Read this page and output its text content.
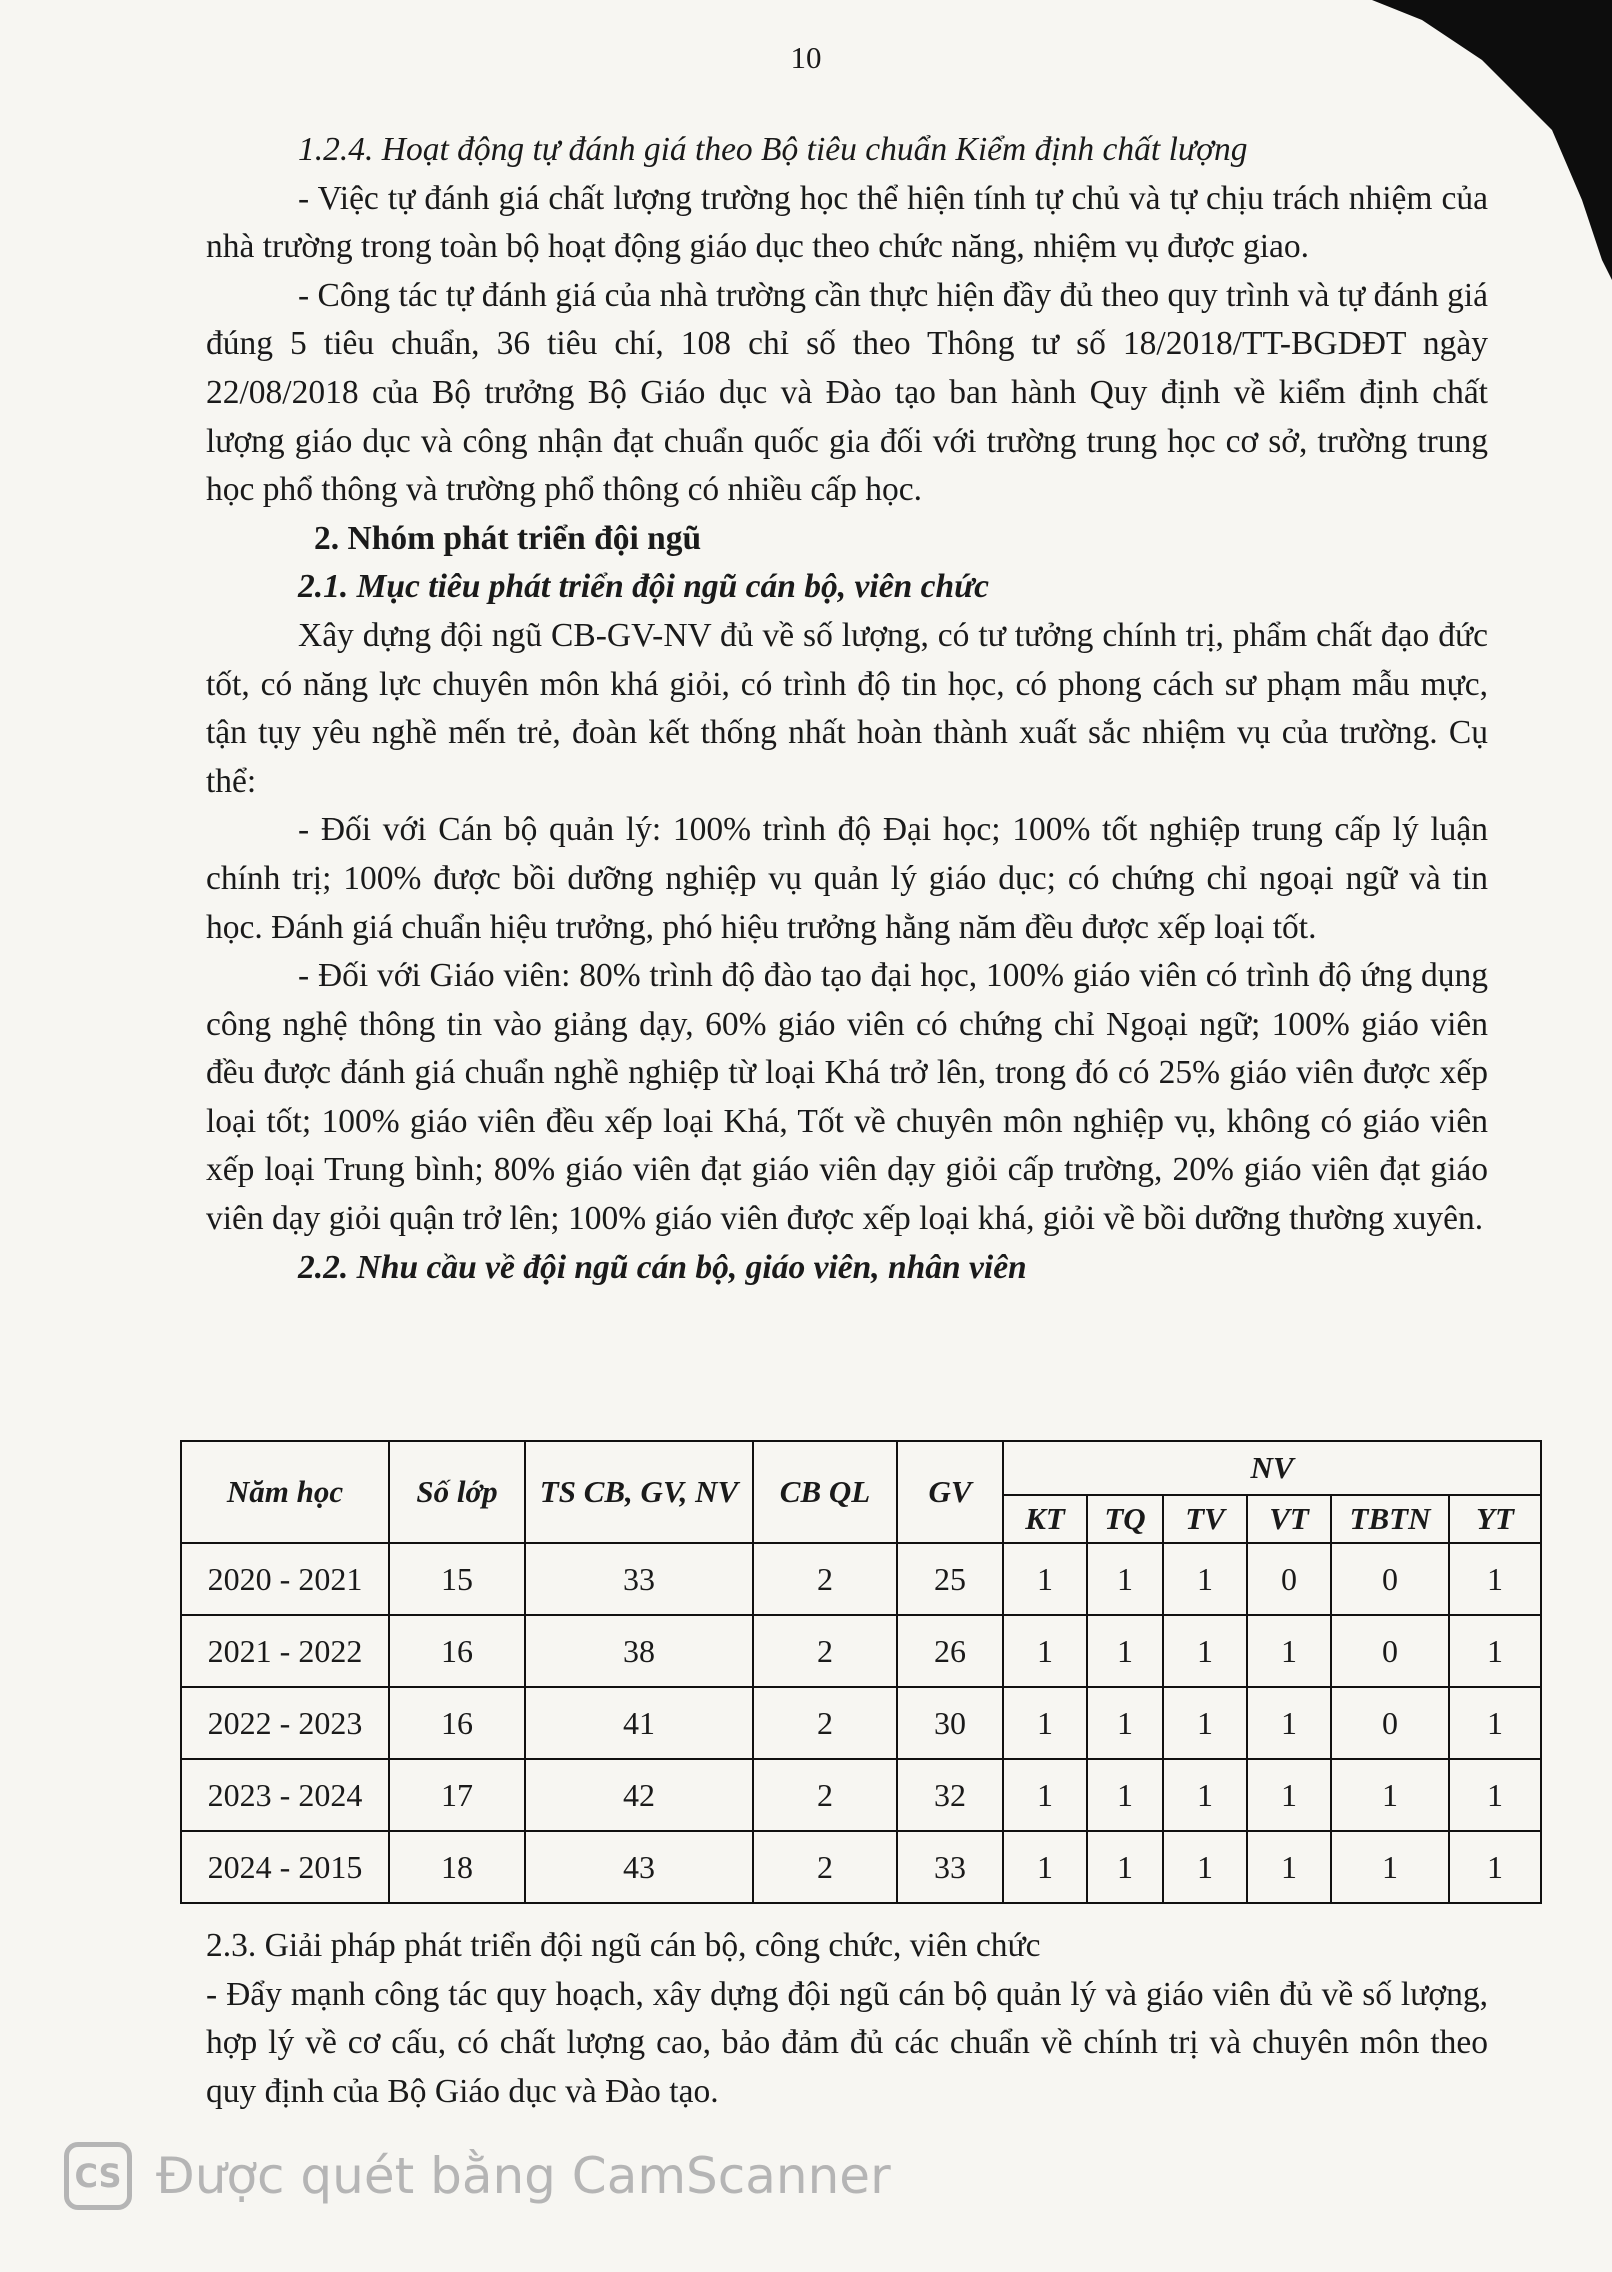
10

1.2.4. Hoạt động tự đánh giá theo Bộ tiêu chuẩn Kiểm định chất lượng

- Việc tự đánh giá chất lượng trường học thể hiện tính tự chủ và tự chịu trách nhiệm của nhà trường trong toàn bộ hoạt động giáo dục theo chức năng, nhiệm vụ được giao.

- Công tác tự đánh giá của nhà trường cần thực hiện đầy đủ theo quy trình và tự đánh giá đúng 5 tiêu chuẩn, 36 tiêu chí, 108 chỉ số theo Thông tư số 18/2018/TT-BGDĐT ngày 22/08/2018 của Bộ trưởng Bộ Giáo dục và Đào tạo ban hành Quy định về kiểm định chất lượng giáo dục và công nhận đạt chuẩn quốc gia đối với trường trung học cơ sở, trường trung học phổ thông và trường phổ thông có nhiều cấp học.

2. Nhóm phát triển đội ngũ

2.1. Mục tiêu phát triển đội ngũ cán bộ, viên chức

Xây dựng đội ngũ CB-GV-NV đủ về số lượng, có tư tưởng chính trị, phẩm chất đạo đức tốt, có năng lực chuyên môn khá giỏi, có trình độ tin học, có phong cách sư phạm mẫu mực, tận tụy yêu nghề mến trẻ, đoàn kết thống nhất hoàn thành xuất sắc nhiệm vụ của trường. Cụ thể:

- Đối với Cán bộ quản lý: 100% trình độ Đại học; 100% tốt nghiệp trung cấp lý luận chính trị; 100% được bồi dưỡng nghiệp vụ quản lý giáo dục; có chứng chỉ ngoại ngữ và tin học. Đánh giá chuẩn hiệu trưởng, phó hiệu trưởng hằng năm đều được xếp loại tốt.

- Đối với Giáo viên: 80% trình độ đào tạo đại học, 100% giáo viên có trình độ ứng dụng công nghệ thông tin vào giảng dạy, 60% giáo viên có chứng chỉ Ngoại ngữ; 100% giáo viên đều được đánh giá chuẩn nghề nghiệp từ loại Khá trở lên, trong đó có 25% giáo viên được xếp loại tốt; 100% giáo viên đều xếp loại Khá, Tốt về chuyên môn nghiệp vụ, không có giáo viên xếp loại Trung bình; 80% giáo viên đạt giáo viên dạy giỏi cấp trường, 20% giáo viên đạt giáo viên dạy giỏi quận trở lên; 100% giáo viên được xếp loại khá, giỏi về bồi dưỡng thường xuyên.

2.2. Nhu cầu về đội ngũ cán bộ, giáo viên, nhân viên

Năm học	Số lớp	TS CB, GV, NV	CB QL	GV	NV					
					KT	TQ	TV	VT	TBTN	YT
2020 - 2021	15	33	2	25	1	1	1	0	0	1
2021 - 2022	16	38	2	26	1	1	1	1	0	1
2022 - 2023	16	41	2	30	1	1	1	1	0	1
2023 - 2024	17	42	2	32	1	1	1	1	1	1
2024 - 2015	18	43	2	33	1	1	1	1	1	1

2.3. Giải pháp phát triển đội ngũ cán bộ, công chức, viên chức

- Đẩy mạnh công tác quy hoạch, xây dựng đội ngũ cán bộ quản lý và giáo viên đủ về số lượng, hợp lý về cơ cấu, có chất lượng cao, bảo đảm đủ các chuẩn về chính trị và chuyên môn theo quy định của Bộ Giáo dục và Đào tạo.

CS Được quét bằng CamScanner
